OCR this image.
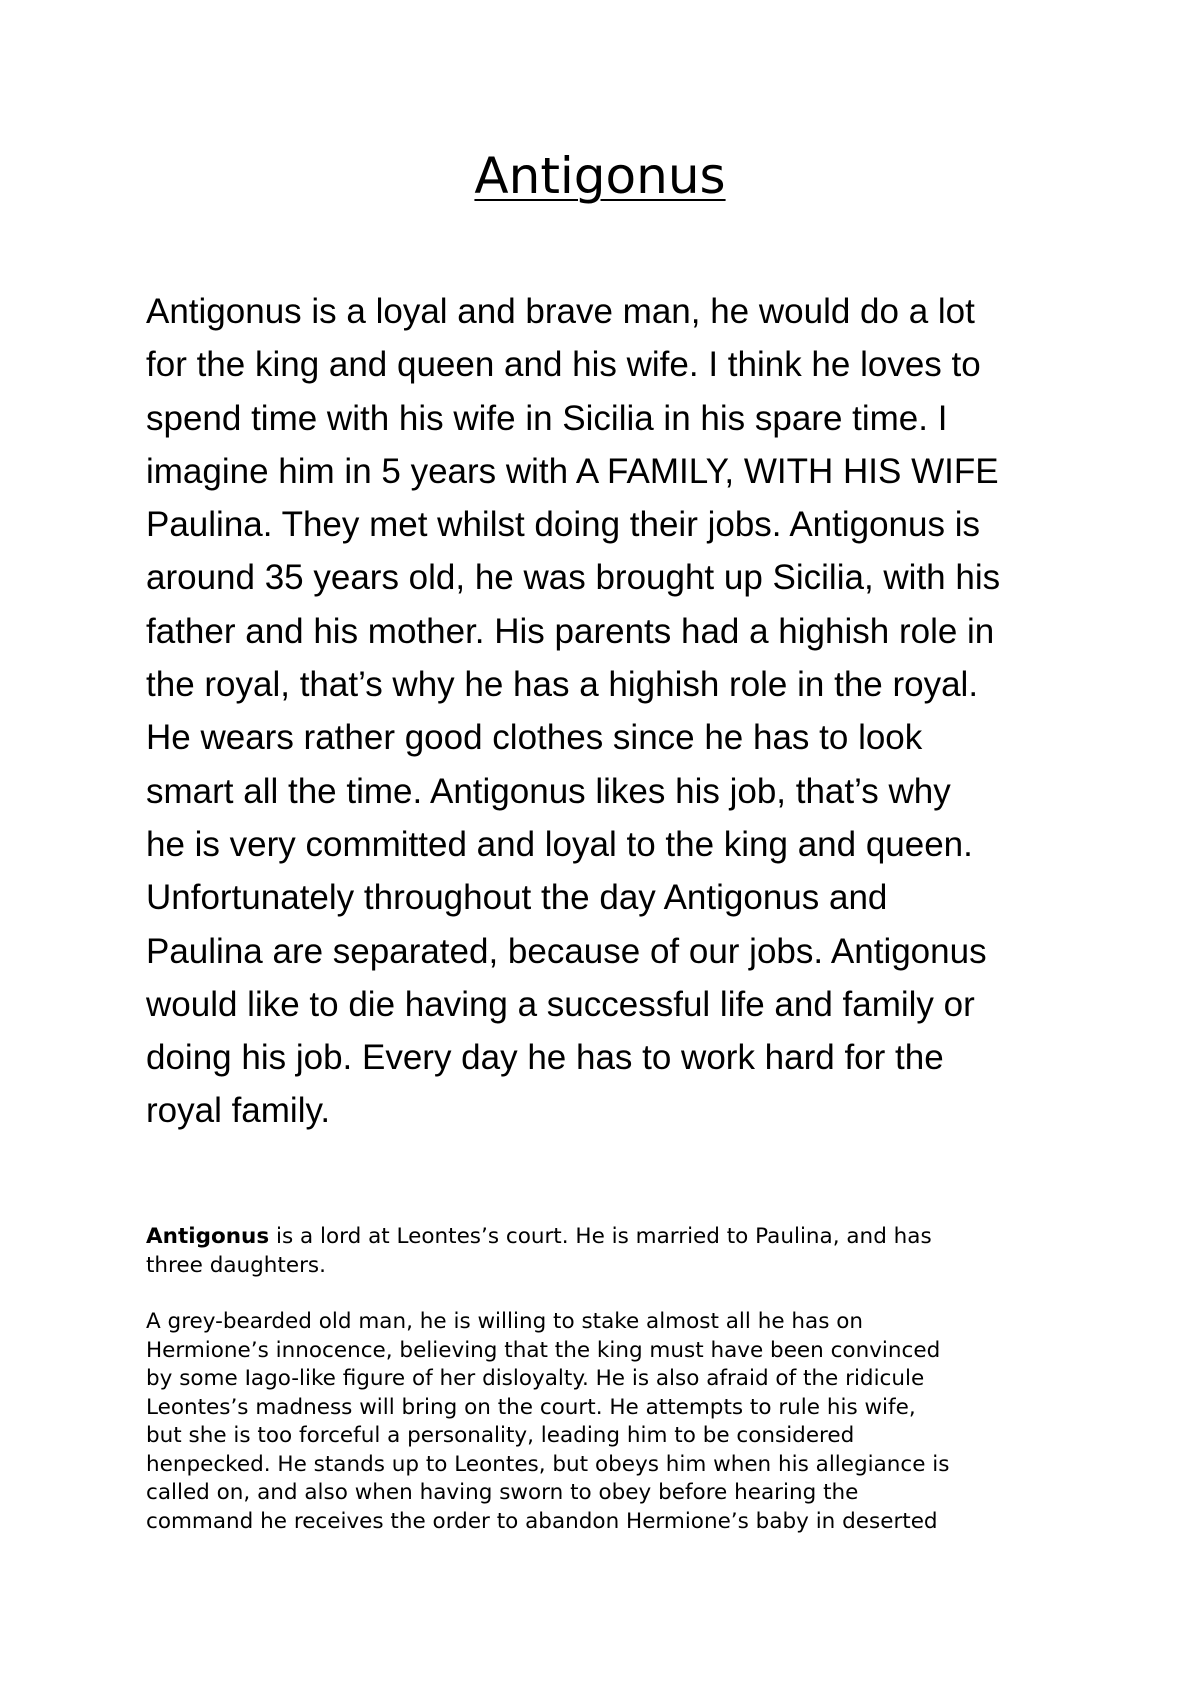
Antigonus
Antigonus is a loyal and brave man, he would do a lot
for the king and queen and his wife. I think he loves to
spend time with his wife in Sicilia in his spare time. I
imagine him in 5 years with A FAMILY, WITH HIS WIFE
Paulina. They met whilst doing their jobs. Antigonus is
around 35 years old, he was brought up Sicilia, with his
father and his mother. His parents had a highish role in
the royal, that’s why he has a highish role in the royal.
He wears rather good clothes since he has to look
smart all the time. Antigonus likes his job, that’s why
he is very committed and loyal to the king and queen.
Unfortunately throughout the day Antigonus and
Paulina are separated, because of our jobs. Antigonus
would like to die having a successful life and family or
doing his job. Every day he has to work hard for the
royal family.

Antigonus is a lord at Leontes’s court. He is married to Paulina, and has
three daughters.

A grey-bearded old man, he is willing to stake almost all he has on
Hermione’s innocence, believing that the king must have been convinced
by some Iago-like figure of her disloyalty. He is also afraid of the ridicule
Leontes’s madness will bring on the court. He attempts to rule his wife,
but she is too forceful a personality, leading him to be considered
henpecked. He stands up to Leontes, but obeys him when his allegiance is
called on, and also when having sworn to obey before hearing the
command he receives the order to abandon Hermione’s baby in deserted
